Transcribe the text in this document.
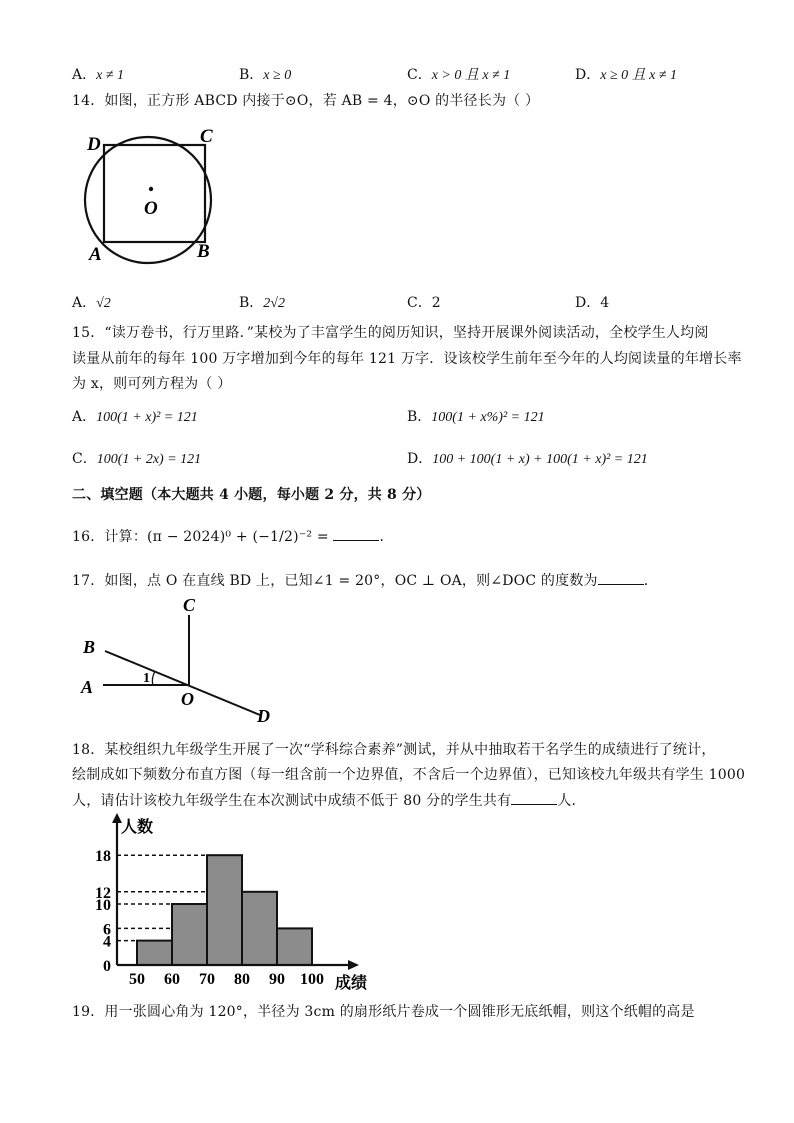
A．x ≠ 1	B．x ≥ 0	C．x > 0 且 x ≠ 1	D．x ≥ 0 且 x ≠ 1
14．如图，正方形 ABCD 内接于⊙O，若 AB = 4，⊙O 的半径长为（ ）
D	C
A	B
O
A．√2	B．2√2	C．2	D．4
15．“读万卷书，行万里路．”某校为了丰富学生的阅历知识，坚持开展课外阅读活动，全校学生人均阅
读量从前年的每年 100 万字增加到今年的每年 121 万字．设该校学生前年至今年的人均阅读量的年增长率
为 x，则可列方程为（ ）
A．100(1 + x)² = 121	B．100(1 + x%)² = 121
C．100(1 + 2x) = 121	D．100 + 100(1 + x) + 100(1 + x)² = 121
二、填空题（本大题共 4 小题，每小题 2 分，共 8 分）
16．计算：(π − 2024)⁰ + (−1/2)⁻² =	．
17．如图，点 O 在直线 BD 上，已知∠1 = 20°，OC ⊥ OA，则∠DOC 的度数为	．
C
B
A	1
O
D
18．某校组织九年级学生开展了一次“学科综合素养”测试，并从中抽取若干名学生的成绩进行了统计，
绘制成如下频数分布直方图（每一组含前一个边界值，不含后一个边界值），已知该校九年级共有学生 1000
人，请估计该校九年级学生在本次测试中成绩不低于 80 分的学生共有	人．
人数
成绩
0
4
6
10
12
18
50 60 70 80 90 100
19．用一张圆心角为 120°，半径为 3cm 的扇形纸片卷成一个圆锥形无底纸帽，则这个纸帽的高是
